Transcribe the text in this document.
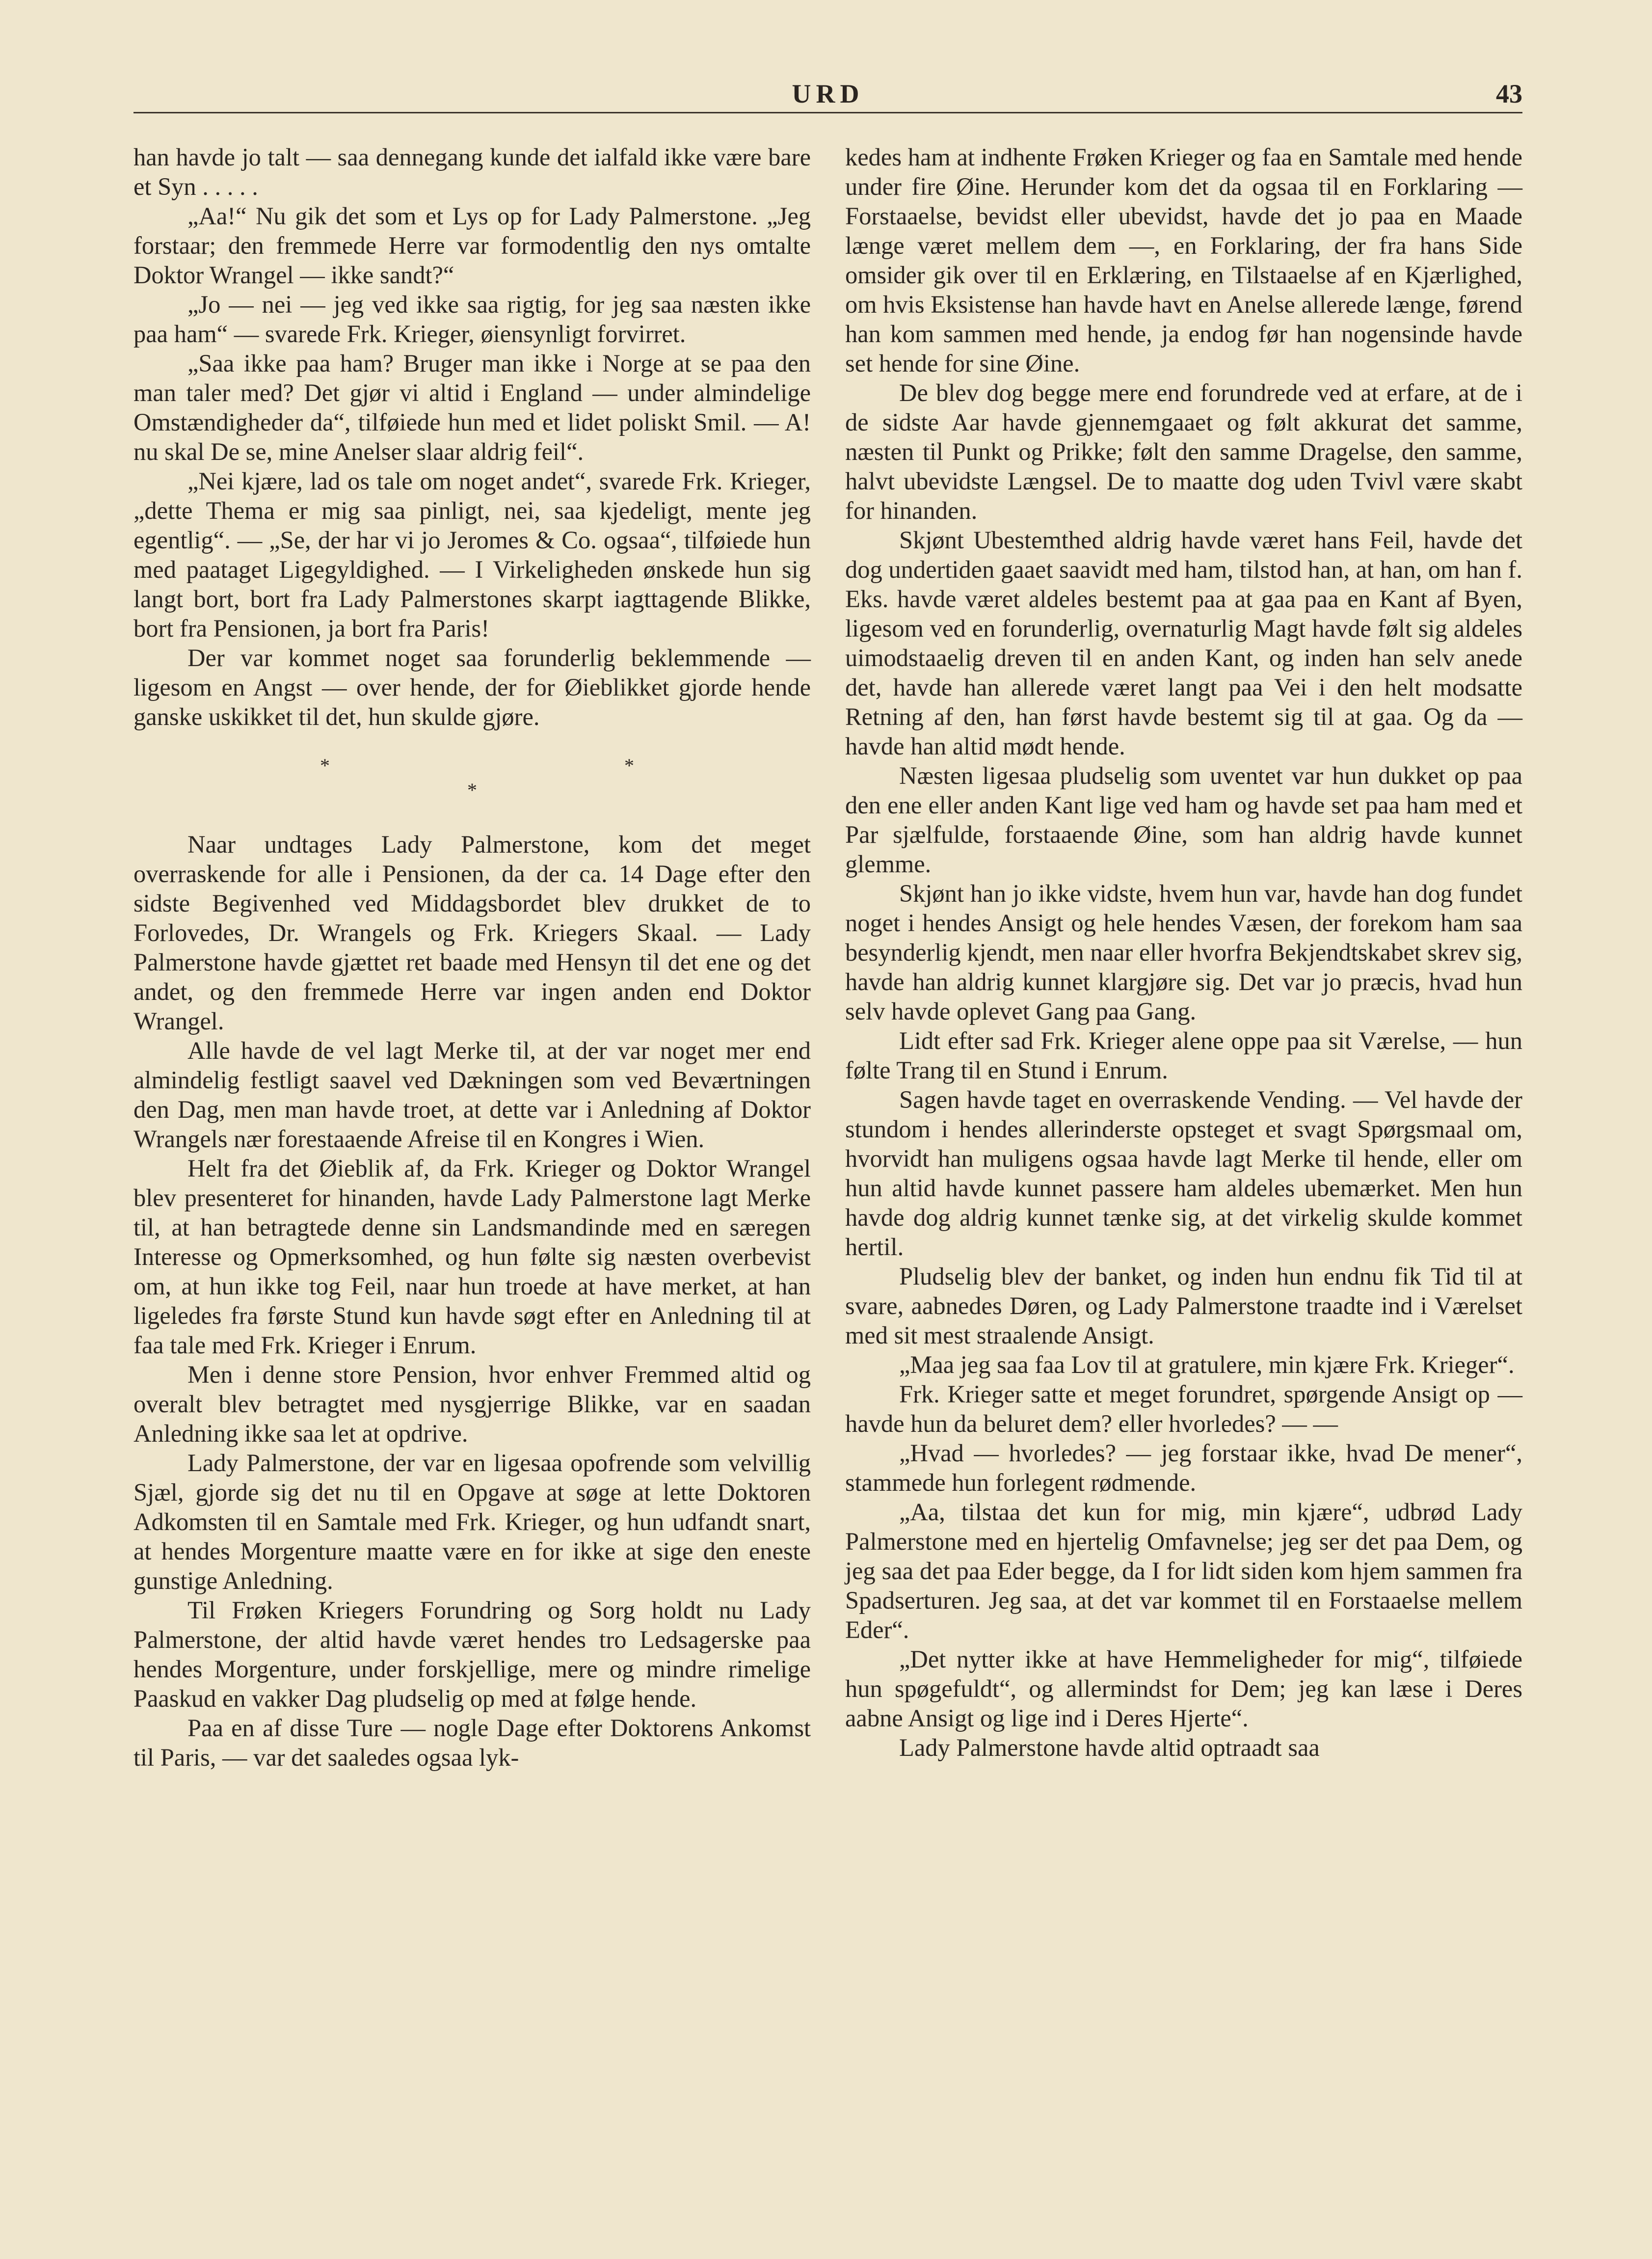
URD	43

han havde jo talt — saa dennegang kunde det ialfald ikke være bare et Syn . . . . .

„Aa!“ Nu gik det som et Lys op for Lady Palmerstone. „Jeg forstaar; den fremmede Herre var formodentlig den nys omtalte Doktor Wrangel — ikke sandt?“

„Jo — nei — jeg ved ikke saa rigtig, for jeg saa næsten ikke paa ham“ — svarede Frk. Krieger, øiensynligt forvirret.

„Saa ikke paa ham? Bruger man ikke i Norge at se paa den man taler med? Det gjør vi altid i England — under almindelige Omstændigheder da“, tilføiede hun med et lidet poliskt Smil. — A! nu skal De se, mine Anelser slaar aldrig feil“.

„Nei kjære, lad os tale om noget andet“, svarede Frk. Krieger, „dette Thema er mig saa pinligt, nei, saa kjedeligt, mente jeg egentlig“. — „Se, der har vi jo Jeromes & Co. ogsaa“, tilføiede hun med paataget Ligegyldighed. — I Virkeligheden ønskede hun sig langt bort, bort fra Lady Palmerstones skarpt iagttagende Blikke, bort fra Pensionen, ja bort fra Paris!

Der var kommet noget saa forunderlig beklemmende — ligesom en Angst — over hende, der for Øieblikket gjorde hende ganske uskikket til det, hun skulde gjøre.

*	*
*

Naar undtages Lady Palmerstone, kom det meget overraskende for alle i Pensionen, da der ca. 14 Dage efter den sidste Begivenhed ved Middagsbordet blev drukket de to Forlovedes, Dr. Wrangels og Frk. Kriegers Skaal. — Lady Palmerstone havde gjættet ret baade med Hensyn til det ene og det andet, og den fremmede Herre var ingen anden end Doktor Wrangel.

Alle havde de vel lagt Merke til, at der var noget mer end almindelig festligt saavel ved Dækningen som ved Beværtningen den Dag, men man havde troet, at dette var i Anledning af Doktor Wrangels nær forestaaende Afreise til en Kongres i Wien.

Helt fra det Øieblik af, da Frk. Krieger og Doktor Wrangel blev presenteret for hinanden, havde Lady Palmerstone lagt Merke til, at han betragtede denne sin Landsmandinde med en særegen Interesse og Opmerksomhed, og hun følte sig næsten overbevist om, at hun ikke tog Feil, naar hun troede at have merket, at han ligeledes fra første Stund kun havde søgt efter en Anledning til at faa tale med Frk. Krieger i Enrum.

Men i denne store Pension, hvor enhver Fremmed altid og overalt blev betragtet med nysgjerrige Blikke, var en saadan Anledning ikke saa let at opdrive.

Lady Palmerstone, der var en ligesaa opofrende som velvillig Sjæl, gjorde sig det nu til en Opgave at søge at lette Doktoren Adkomsten til en Samtale med Frk. Krieger, og hun udfandt snart, at hendes Morgenture maatte være en for ikke at sige den eneste gunstige Anledning.

Til Frøken Kriegers Forundring og Sorg holdt nu Lady Palmerstone, der altid havde været hendes tro Ledsagerske paa hendes Morgenture, under forskjellige, mere og mindre rimelige Paaskud en vakker Dag pludselig op med at følge hende.

Paa en af disse Ture — nogle Dage efter Doktorens Ankomst til Paris, — var det saaledes ogsaa lyk-

kedes ham at indhente Frøken Krieger og faa en Samtale med hende under fire Øine. Herunder kom det da ogsaa til en Forklaring — Forstaaelse, bevidst eller ubevidst, havde det jo paa en Maade længe været mellem dem —, en Forklaring, der fra hans Side omsider gik over til en Erklæring, en Tilstaaelse af en Kjærlighed, om hvis Eksistense han havde havt en Anelse allerede længe, førend han kom sammen med hende, ja endog før han nogensinde havde set hende for sine Øine.

De blev dog begge mere end forundrede ved at erfare, at de i de sidste Aar havde gjennemgaaet og følt akkurat det samme, næsten til Punkt og Prikke; følt den samme Dragelse, den samme, halvt ubevidste Længsel. De to maatte dog uden Tvivl være skabt for hinanden.

Skjønt Ubestemthed aldrig havde været hans Feil, havde det dog undertiden gaaet saavidt med ham, tilstod han, at han, om han f. Eks. havde været aldeles bestemt paa at gaa paa en Kant af Byen, ligesom ved en forunderlig, overnaturlig Magt havde følt sig aldeles uimodstaaelig dreven til en anden Kant, og inden han selv anede det, havde han allerede været langt paa Vei i den helt modsatte Retning af den, han først havde bestemt sig til at gaa. Og da — havde han altid mødt hende.

Næsten ligesaa pludselig som uventet var hun dukket op paa den ene eller anden Kant lige ved ham og havde set paa ham med et Par sjælfulde, forstaaende Øine, som han aldrig havde kunnet glemme.

Skjønt han jo ikke vidste, hvem hun var, havde han dog fundet noget i hendes Ansigt og hele hendes Væsen, der forekom ham saa besynderlig kjendt, men naar eller hvorfra Bekjendtskabet skrev sig, havde han aldrig kunnet klargjøre sig. Det var jo præcis, hvad hun selv havde oplevet Gang paa Gang.

Lidt efter sad Frk. Krieger alene oppe paa sit Værelse, — hun følte Trang til en Stund i Enrum.

Sagen havde taget en overraskende Vending. — Vel havde der stundom i hendes allerinderste opsteget et svagt Spørgsmaal om, hvorvidt han muligens ogsaa havde lagt Merke til hende, eller om hun altid havde kunnet passere ham aldeles ubemærket. Men hun havde dog aldrig kunnet tænke sig, at det virkelig skulde kommet hertil.

Pludselig blev der banket, og inden hun endnu fik Tid til at svare, aabnedes Døren, og Lady Palmerstone traadte ind i Værelset med sit mest straalende Ansigt.

„Maa jeg saa faa Lov til at gratulere, min kjære Frk. Krieger“.

Frk. Krieger satte et meget forundret, spørgende Ansigt op — havde hun da beluret dem? eller hvorledes? — —

„Hvad — hvorledes? — jeg forstaar ikke, hvad De mener“, stammede hun forlegent rødmende.

„Aa, tilstaa det kun for mig, min kjære“, udbrød Lady Palmerstone med en hjertelig Omfavnelse; jeg ser det paa Dem, og jeg saa det paa Eder begge, da I for lidt siden kom hjem sammen fra Spadserturen. Jeg saa, at det var kommet til en Forstaaelse mellem Eder“.

„Det nytter ikke at have Hemmeligheder for mig“, tilføiede hun spøgefuldt“, og allermindst for Dem; jeg kan læse i Deres aabne Ansigt og lige ind i Deres Hjerte“.

Lady Palmerstone havde altid optraadt saa
